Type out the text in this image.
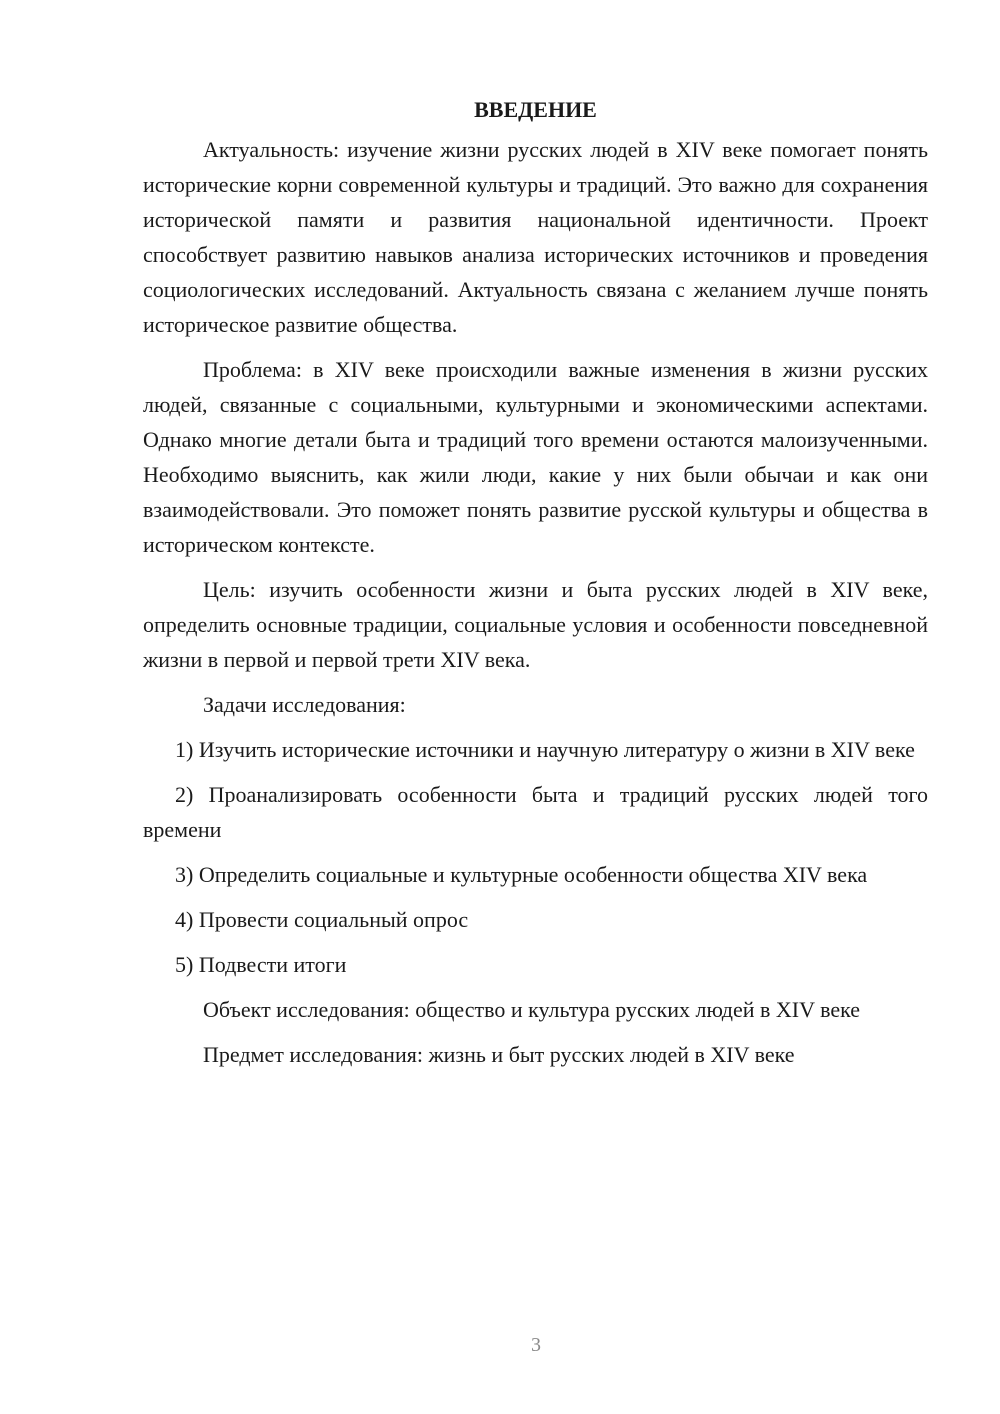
ВВЕДЕНИЕ

Актуальность: изучение жизни русских людей в XIV веке помогает понять исторические корни современной культуры и традиций. Это важно для сохранения исторической памяти и развития национальной идентичности. Проект способствует развитию навыков анализа исторических источников и проведения социологических исследований. Актуальность связана с желанием лучше понять историческое развитие общества.

Проблема: в XIV веке происходили важные изменения в жизни русских людей, связанные с социальными, культурными и экономическими аспектами. Однако многие детали быта и традиций того времени остаются малоизученными. Необходимо выяснить, как жили люди, какие у них были обычаи и как они взаимодействовали. Это поможет понять развитие русской культуры и общества в историческом контексте.

Цель: изучить особенности жизни и быта русских людей в XIV веке, определить основные традиции, социальные условия и особенности повседневной жизни в первой и первой трети XIV века.

Задачи исследования:

1) Изучить исторические источники и научную литературу о жизни в XIV веке

2) Проанализировать особенности быта и традиций русских людей того времени

3) Определить социальные и культурные особенности общества XIV века

4) Провести социальный опрос

5) Подвести итоги

Объект исследования: общество и культура русских людей в XIV веке

Предмет исследования: жизнь и быт русских людей в XIV веке

3
